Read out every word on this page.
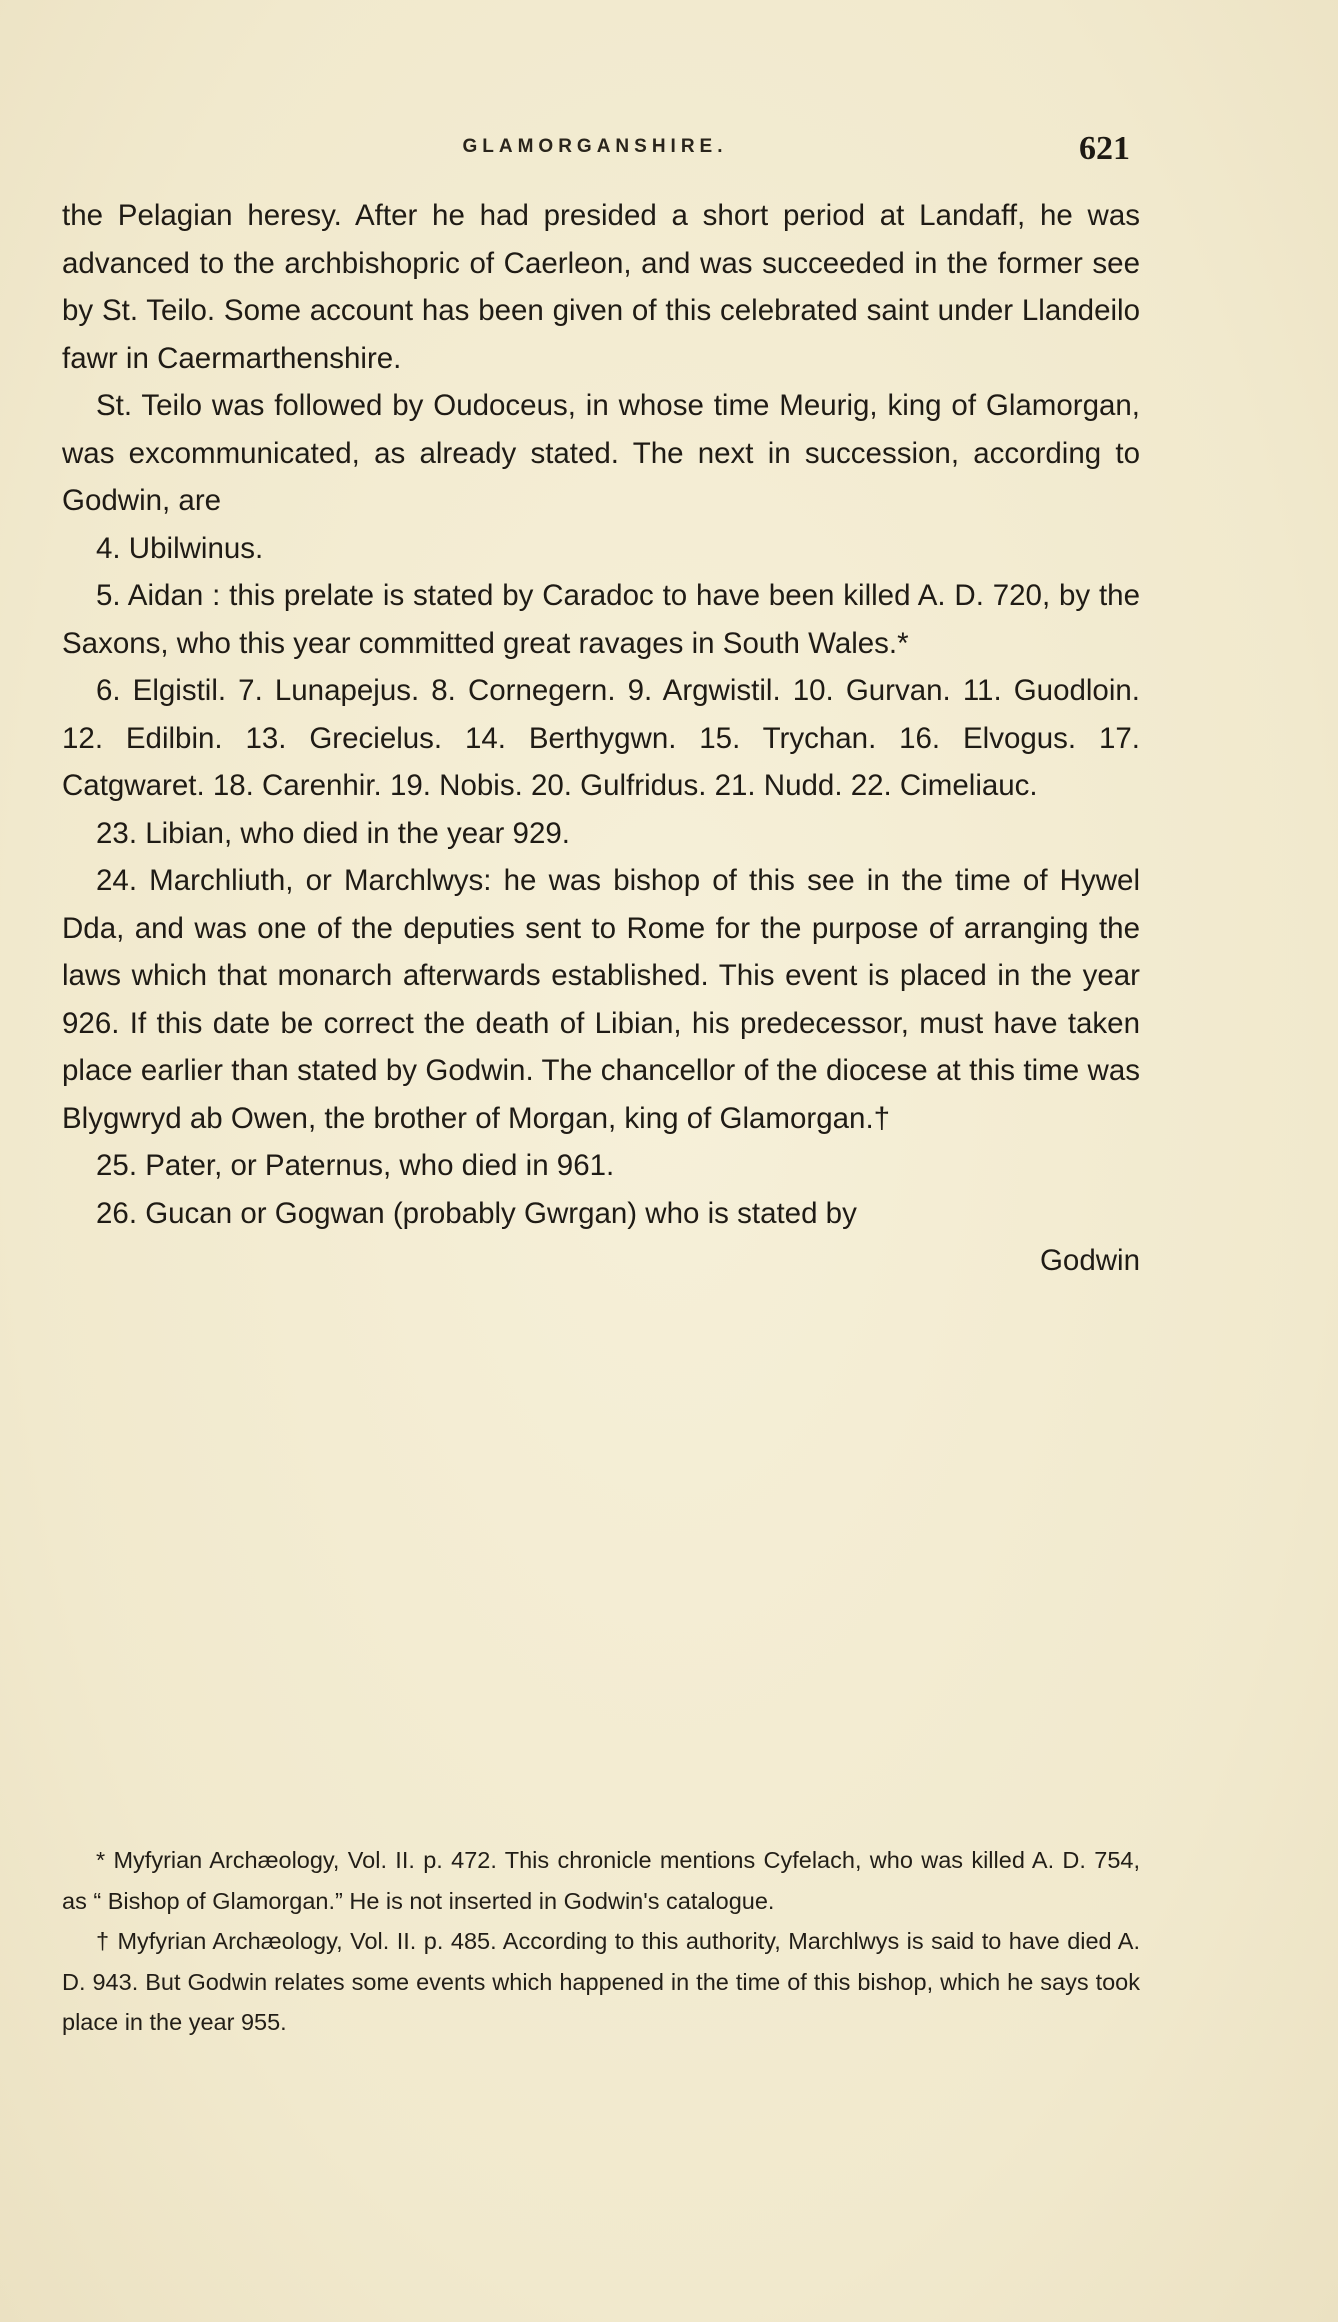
GLAMORGANSHIRE.	621

the Pelagian heresy. After he had presided a short period at Landaff, he was advanced to the archbishopric of Caerleon, and was succeeded in the former see by St. Teilo. Some account has been given of this celebrated saint under Llandeilo fawr in Caermarthenshire.

St. Teilo was followed by Oudoceus, in whose time Meurig, king of Glamorgan, was excommunicated, as already stated. The next in succession, according to Godwin, are

4. Ubilwinus.

5. Aidan : this prelate is stated by Caradoc to have been killed A. D. 720, by the Saxons, who this year committed great ravages in South Wales.*

6. Elgistil. 7. Lunapejus. 8. Cornegern. 9. Argwistil. 10. Gurvan. 11. Guodloin. 12. Edilbin. 13. Grecielus. 14. Berthygwn. 15. Trychan. 16. Elvogus. 17. Catgwaret. 18. Carenhir. 19. Nobis. 20. Gulfridus. 21. Nudd. 22. Cimeliauc.

23. Libian, who died in the year 929.

24. Marchliuth, or Marchlwys: he was bishop of this see in the time of Hywel Dda, and was one of the deputies sent to Rome for the purpose of arranging the laws which that monarch afterwards established. This event is placed in the year 926. If this date be correct the death of Libian, his predecessor, must have taken place earlier than stated by Godwin. The chancellor of the diocese at this time was Blygwryd ab Owen, the brother of Morgan, king of Glamorgan.†

25. Pater, or Paternus, who died in 961.

26. Gucan or Gogwan (probably Gwrgan) who is stated by

Godwin

* Myfyrian Archæology, Vol. II. p. 472. This chronicle mentions Cyfelach, who was killed A. D. 754, as “ Bishop of Glamorgan.” He is not inserted in Godwin's catalogue.

† Myfyrian Archæology, Vol. II. p. 485. According to this authority, Marchlwys is said to have died A. D. 943. But Godwin relates some events which happened in the time of this bishop, which he says took place in the year 955.
